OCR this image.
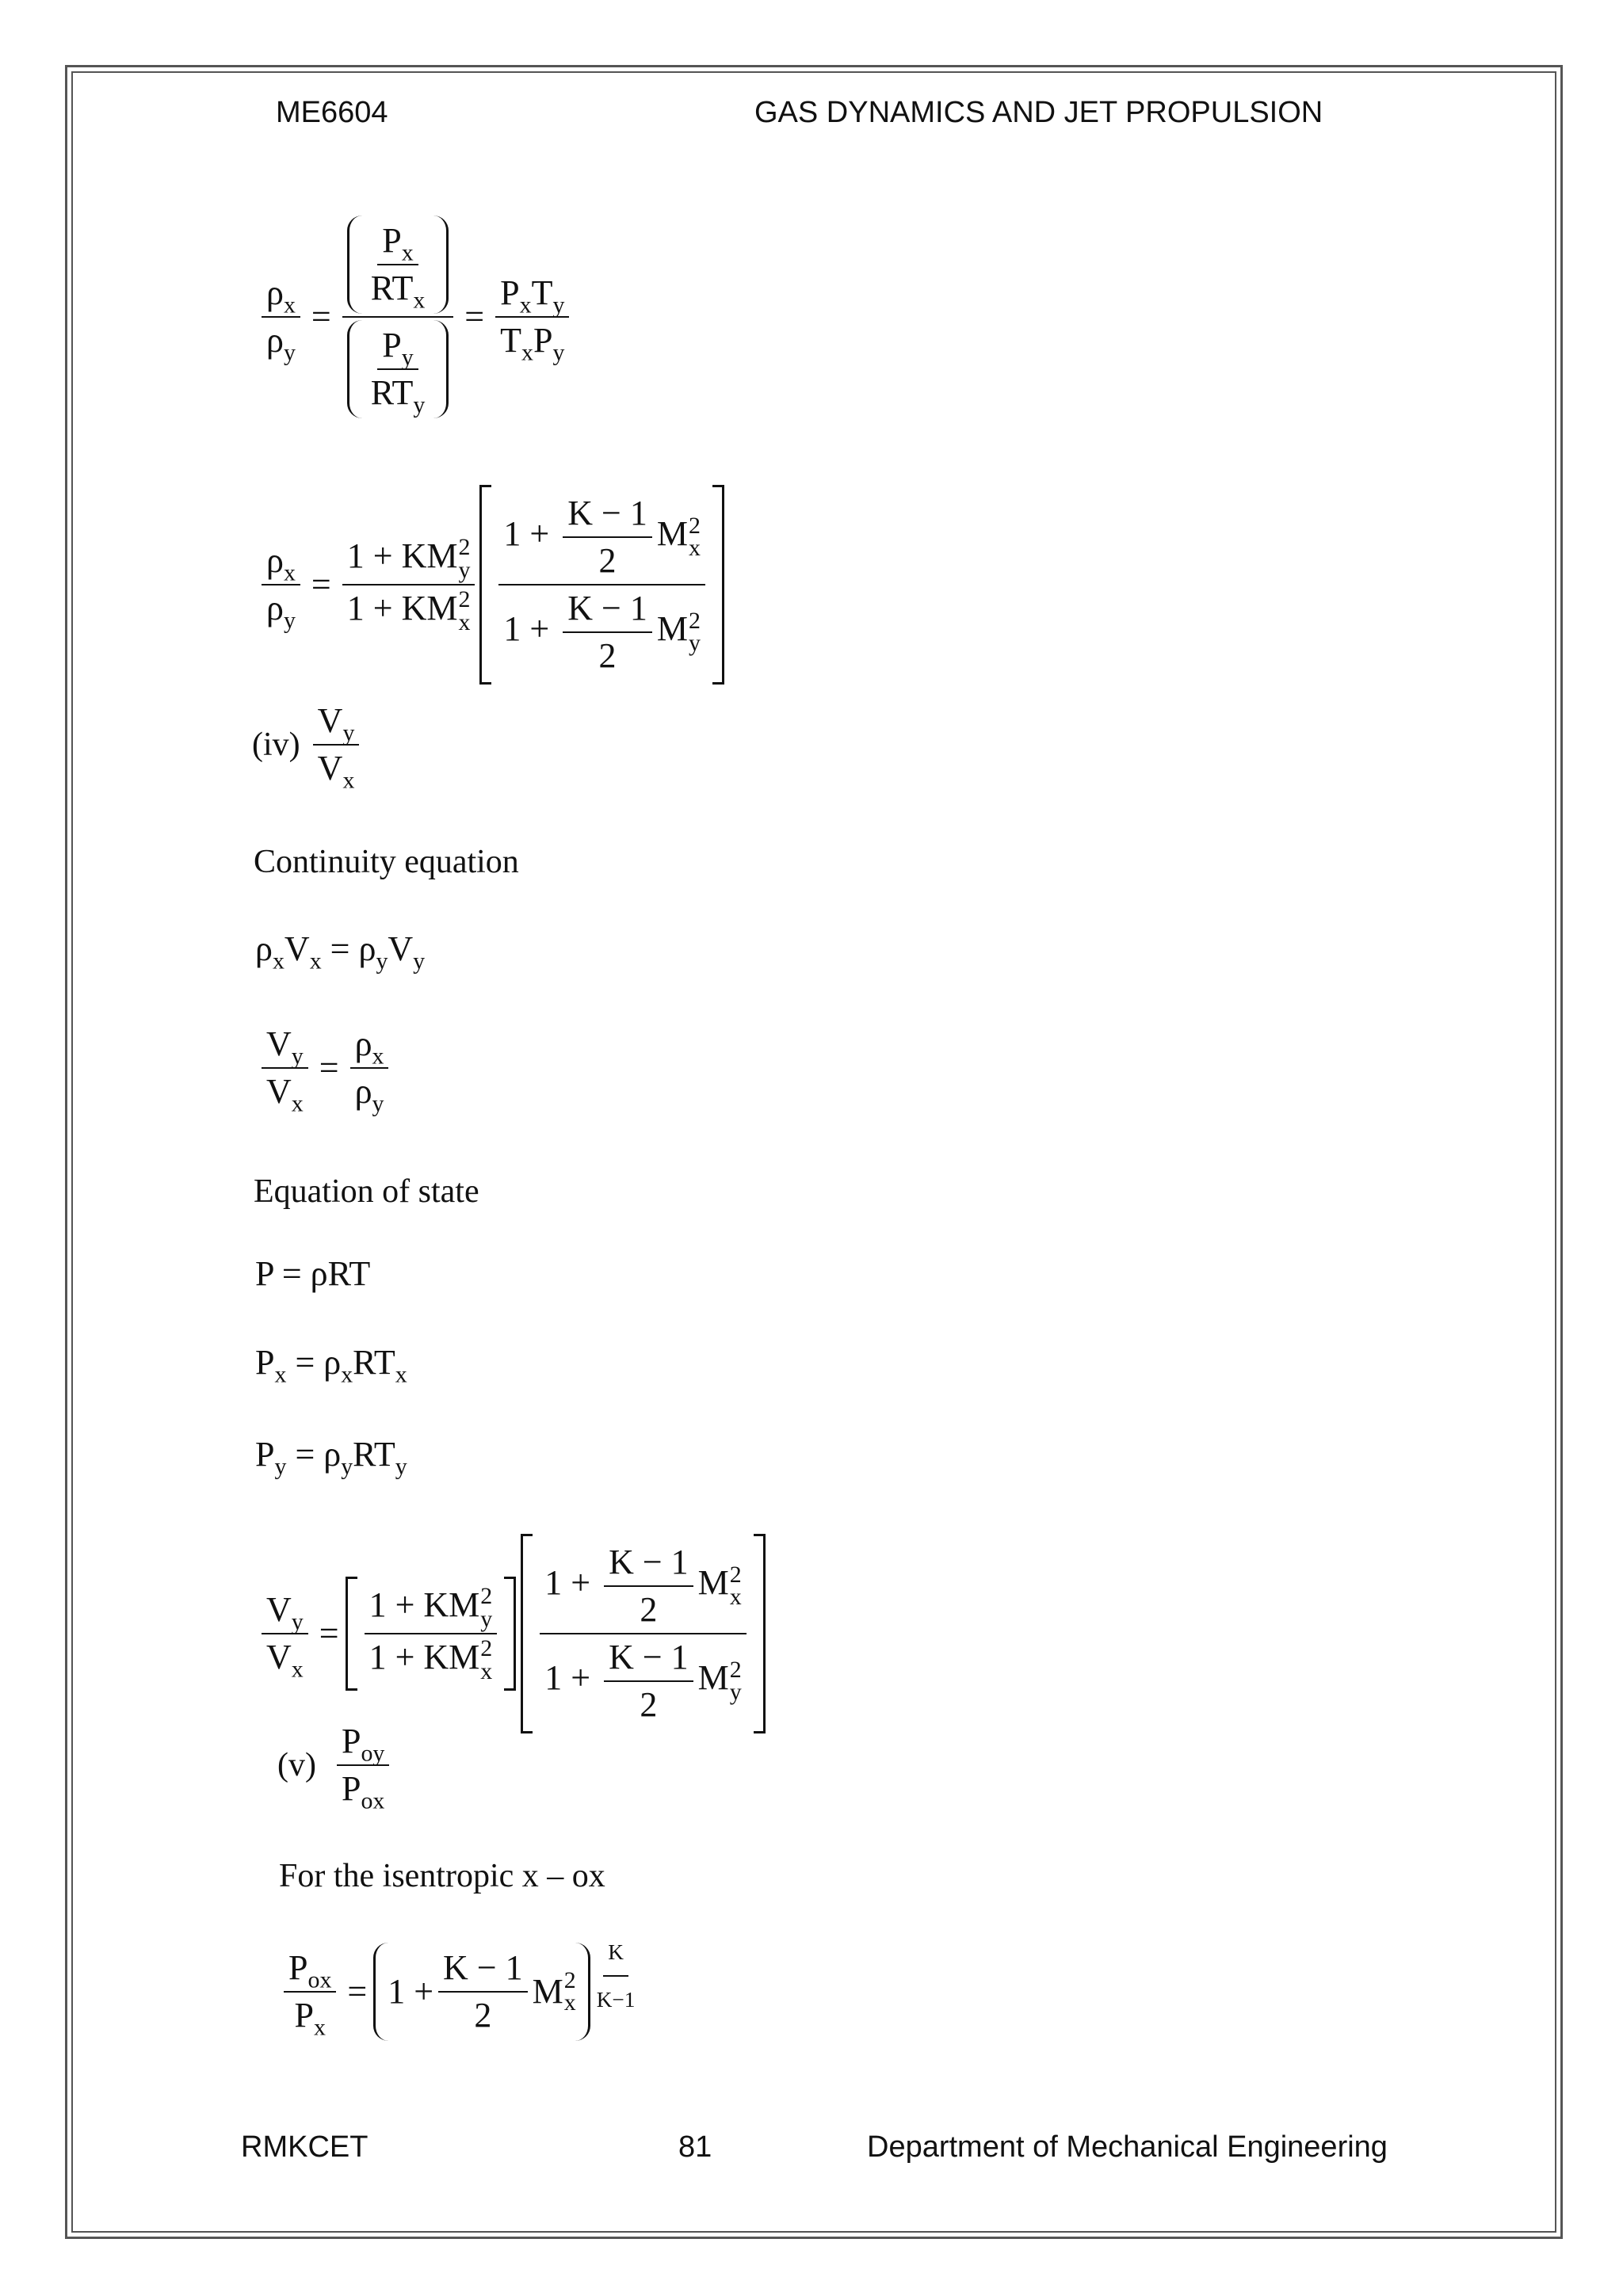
ME6604	GAS DYNAMICS AND JET PROPULSION
$\frac{\rho_x}{\rho_y} = \frac{\frac{P_x}{RT_x}}{\frac{P_y}{RT_y}} = \frac{P_xT_y}{T_xP_y}$
$\frac{\rho_x}{\rho_y} = 1$ + KM 2
y
1 + KM 2
x $1 + \frac{K - 1}{2}$ M 2
x
$1 + \frac{K - 1}{2}$ M 2
y
$(iv) \frac{V_y}{V_x}$
Continuity equation
$\rho_xV_x = \rho_yV_y$
$\frac{V_y}{V_x} = \frac{\rho_x}{\rho_y}$
Equation of state
P = ρRT
$P_x = \rho_xRT_x$
$P_y = \rho_yRT_y$
$\frac{V_y}{V_x} = 1$ + KM 2
y
1 + KM 2
x $1 + \frac{K - 1}{2}$ M 2
x
$1 + \frac{K - 1}{2}$ M 2
y
$(v) \frac{P_{oy}}{P_{ox}}$
For the isentropic x – ox
$\frac{P_{ox}}{P_x} = 1 + \frac{K - 1}{2}$ M 2
x $\frac{K}{K-1}$
RMKCET	81	Department of Mechanical Engineering
